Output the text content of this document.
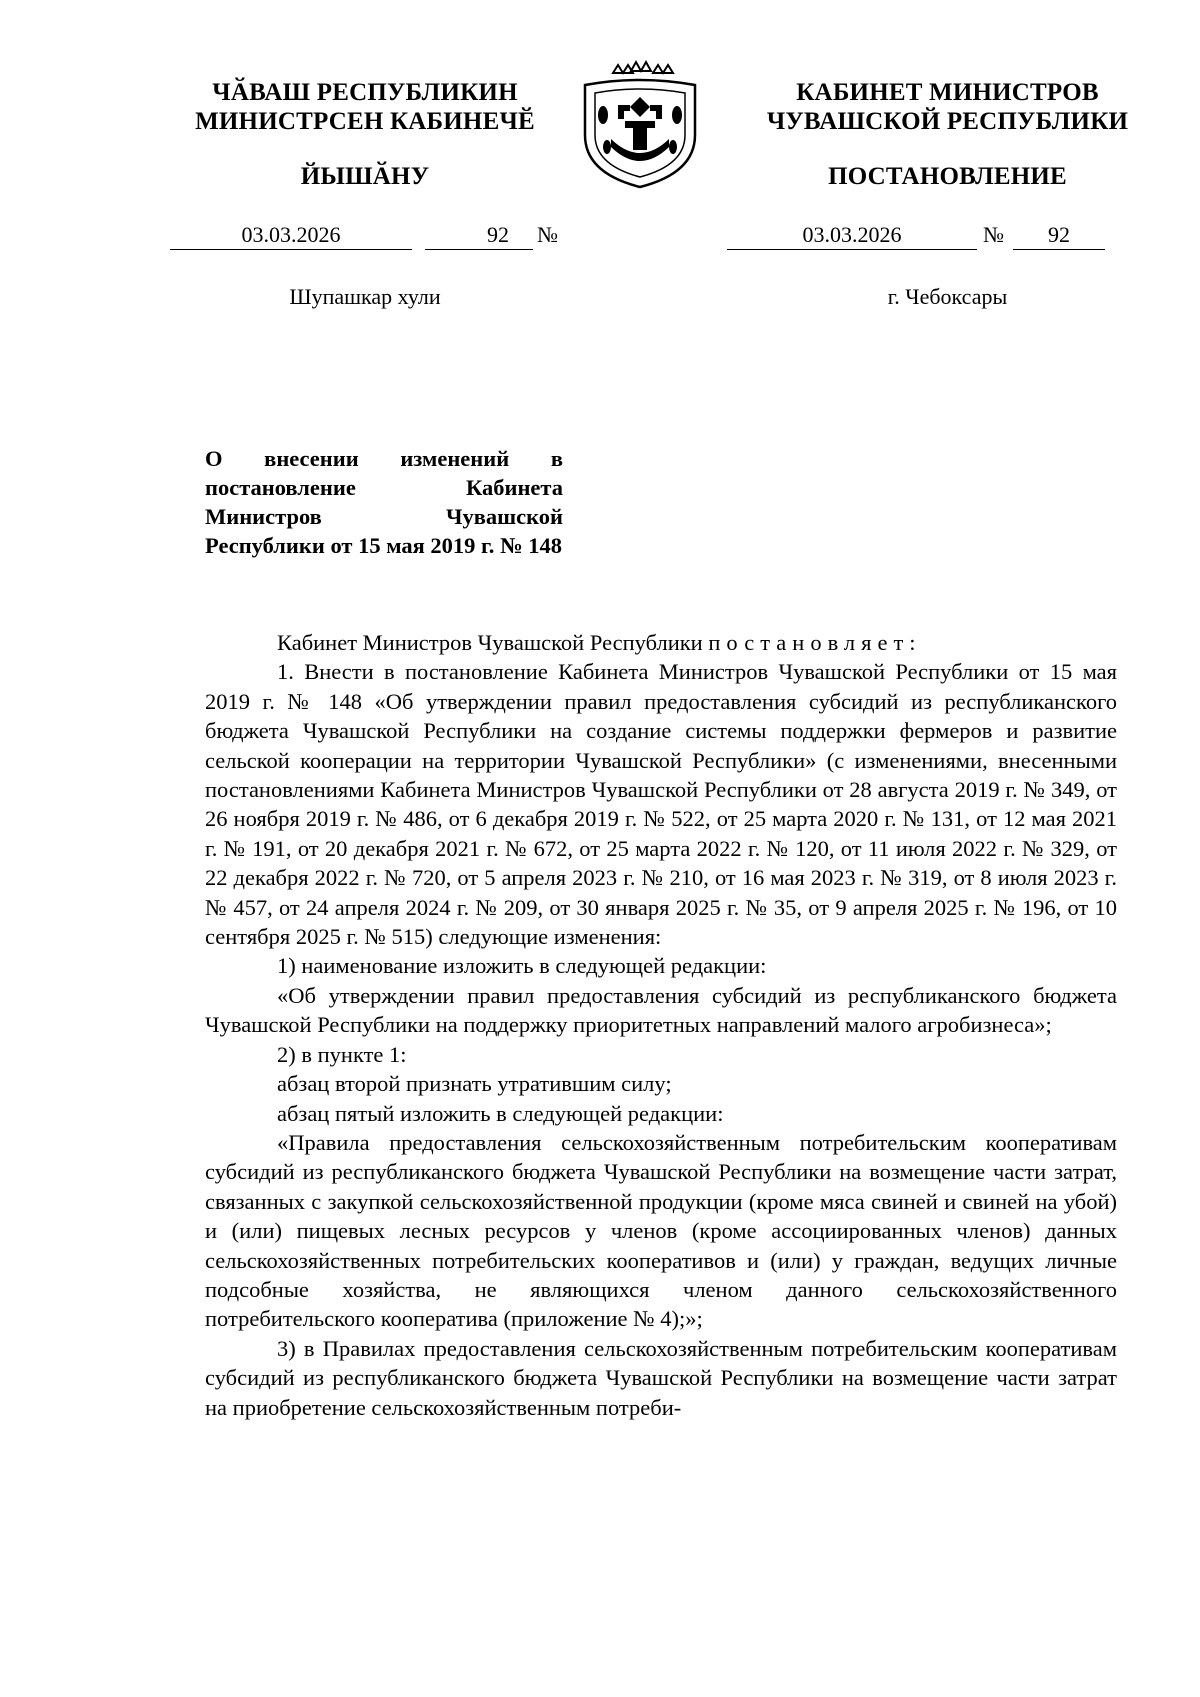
ЧӐВАШ РЕСПУБЛИКИН
МИНИСТРСЕН КАБИНЕЧӖ
ЙЫШӐНУ
03.03.2026	92	№
Шупашкар хули
КАБИНЕТ МИНИСТРОВ
ЧУВАШСКОЙ РЕСПУБЛИКИ
ПОСТАНОВЛЕНИЕ
03.03.2026	№	92
г. Чебоксары
О внесении изменений в постановление Кабинета Министров Чувашской Республики от 15 мая 2019 г. № 148

Кабинет Министров Чувашской Республики постановляет:

1. Внести в постановление Кабинета Министров Чувашской Республики от 15 мая 2019 г. № 148 «Об утверждении правил предоставления субсидий из республиканского бюджета Чувашской Республики на создание системы поддержки фермеров и развитие сельской кооперации на территории Чувашской Республики» (с изменениями, внесенными постановлениями Кабинета Министров Чувашской Республики от 28 августа 2019 г. № 349, от 26 ноября 2019 г. № 486, от 6 декабря 2019 г. № 522, от 25 марта 2020 г. № 131, от 12 мая 2021 г. № 191, от 20 декабря 2021 г. № 672, от 25 марта 2022 г. № 120, от 11 июля 2022 г. № 329, от 22 декабря 2022 г. № 720, от 5 апреля 2023 г. № 210, от 16 мая 2023 г. № 319, от 8 июля 2023 г. № 457, от 24 апреля 2024 г. № 209, от 30 января 2025 г. № 35, от 9 апреля 2025 г. № 196, от 10 сентября 2025 г. № 515) следующие изменения:

1) наименование изложить в следующей редакции:

«Об утверждении правил предоставления субсидий из республиканского бюджета Чувашской Республики на поддержку приоритетных направлений малого агробизнеса»;

2) в пункте 1:

абзац второй признать утратившим силу;

абзац пятый изложить в следующей редакции:

«Правила предоставления сельскохозяйственным потребительским кооперативам субсидий из республиканского бюджета Чувашской Республики на возмещение части затрат, связанных с закупкой сельскохозяйственной продукции (кроме мяса свиней и свиней на убой) и (или) пищевых лесных ресурсов у членов (кроме ассоциированных членов) данных сельскохозяйственных потребительских кооперативов и (или) у граждан, ведущих личные подсобные хозяйства, не являющихся членом данного сельскохозяйственного потребительского кооператива (приложение № 4);»;

3) в Правилах предоставления сельскохозяйственным потребительским кооперативам субсидий из республиканского бюджета Чувашской Республики на возмещение части затрат на приобретение сельскохозяйственным потреби-
